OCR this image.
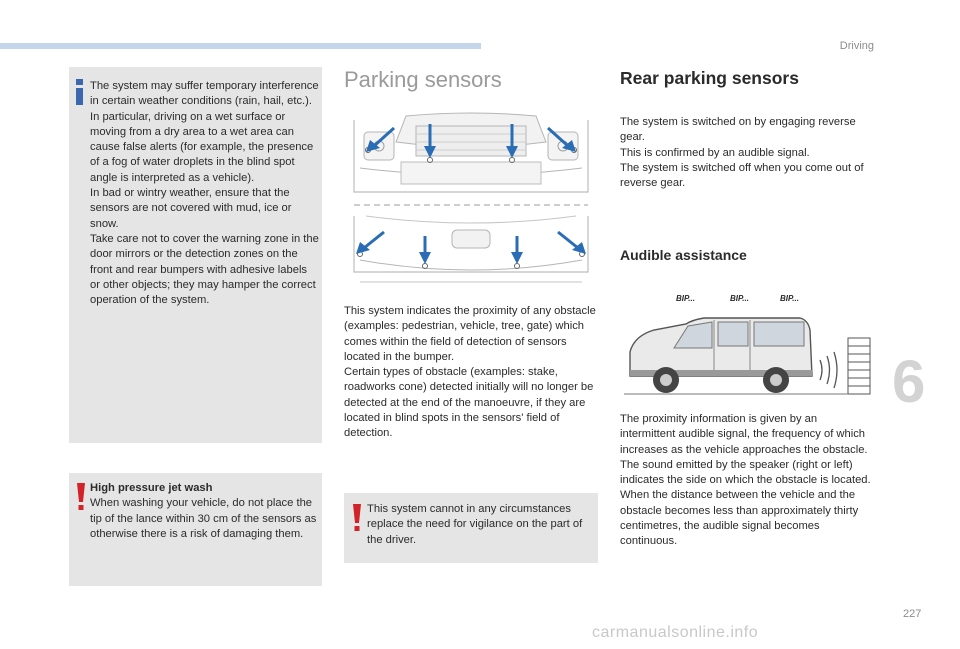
Driving
6
227
carmanualsonline.info

The system may suffer temporary interference in certain weather conditions (rain, hail, etc.).

In particular, driving on a wet surface or moving from a dry area to a wet area can cause false alerts (for example, the presence of a fog of water droplets in the blind spot angle is interpreted as a vehicle).

In bad or wintry weather, ensure that the sensors are not covered with mud, ice or snow.

Take care not to cover the warning zone in the door mirrors or the detection zones on the front and rear bumpers with adhesive labels or other objects; they may hamper the correct operation of the system.

High pressure jet wash

When washing your vehicle, do not place the tip of the lance within 30 cm of the sensors as otherwise there is a risk of damaging them.

Parking sensors

This system indicates the proximity of any obstacle (examples: pedestrian, vehicle, tree, gate) which comes within the field of detection of sensors located in the bumper.

Certain types of obstacle (examples: stake, roadworks cone) detected initially will no longer be detected at the end of the manoeuvre, if they are located in blind spots in the sensors' field of detection.

This system cannot in any circumstances replace the need for vigilance on the part of the driver.

Rear parking sensors

The system is switched on by engaging reverse gear.

This is confirmed by an audible signal.

The system is switched off when you come out of reverse gear.

Audible assistance
BIP...	BIP...	BIP...

The proximity information is given by an intermittent audible signal, the frequency of which increases as the vehicle approaches the obstacle.

The sound emitted by the speaker (right or left) indicates the side on which the obstacle is located.

When the distance between the vehicle and the obstacle becomes less than approximately thirty centimetres, the audible signal becomes continuous.
